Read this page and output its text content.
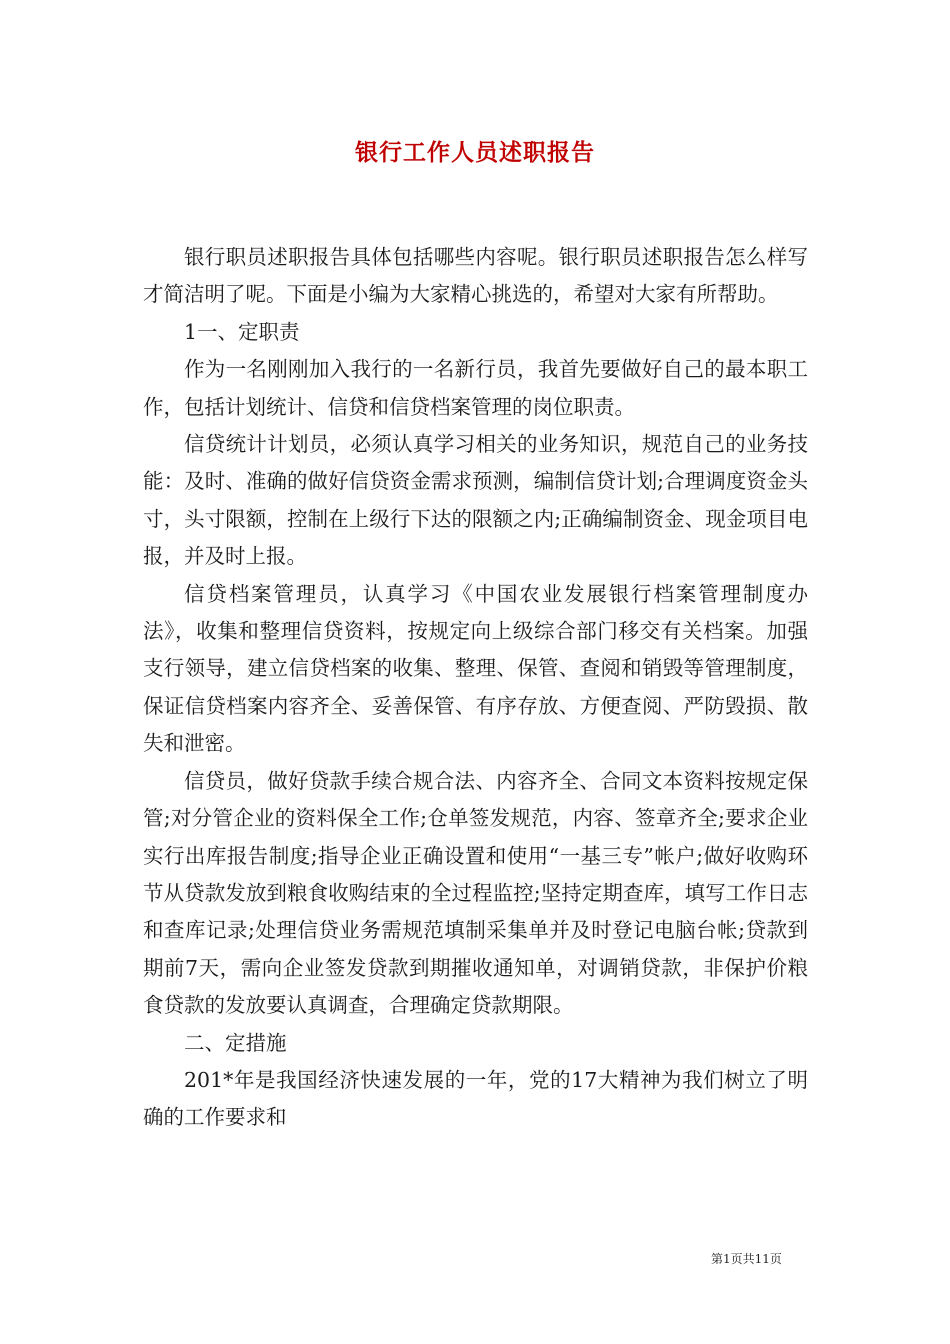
银行工作人员述职报告

银行职员述职报告具体包括哪些内容呢。银行职员述职报告怎么样写才简洁明了呢。下面是小编为大家精心挑选的，希望对大家有所帮助。

1一、定职责

作为一名刚刚加入我行的一名新行员，我首先要做好自己的最本职工作，包括计划统计、信贷和信贷档案管理的岗位职责。

信贷统计计划员，必须认真学习相关的业务知识，规范自己的业务技能：及时、准确的做好信贷资金需求预测，编制信贷计划;合理调度资金头寸，头寸限额，控制在上级行下达的限额之内;正确编制资金、现金项目电报，并及时上报。

信贷档案管理员，认真学习《中国农业发展银行档案管理制度办法》，收集和整理信贷资料，按规定向上级综合部门移交有关档案。加强支行领导，建立信贷档案的收集、整理、保管、查阅和销毁等管理制度，保证信贷档案内容齐全、妥善保管、有序存放、方便查阅、严防毁损、散失和泄密。

信贷员，做好贷款手续合规合法、内容齐全、合同文本资料按规定保管;对分管企业的资料保全工作;仓单签发规范，内容、签章齐全;要求企业实行出库报告制度;指导企业正确设置和使用“一基三专”帐户;做好收购环节从贷款发放到粮食收购结束的全过程监控;坚持定期查库，填写工作日志和查库记录;处理信贷业务需规范填制采集单并及时登记电脑台帐;贷款到期前7天，需向企业签发贷款到期摧收通知单，对调销贷款，非保护价粮食贷款的发放要认真调查，合理确定贷款期限。

二、定措施

201*年是我国经济快速发展的一年，党的17大精神为我们树立了明确的工作要求和

第1页共11页
